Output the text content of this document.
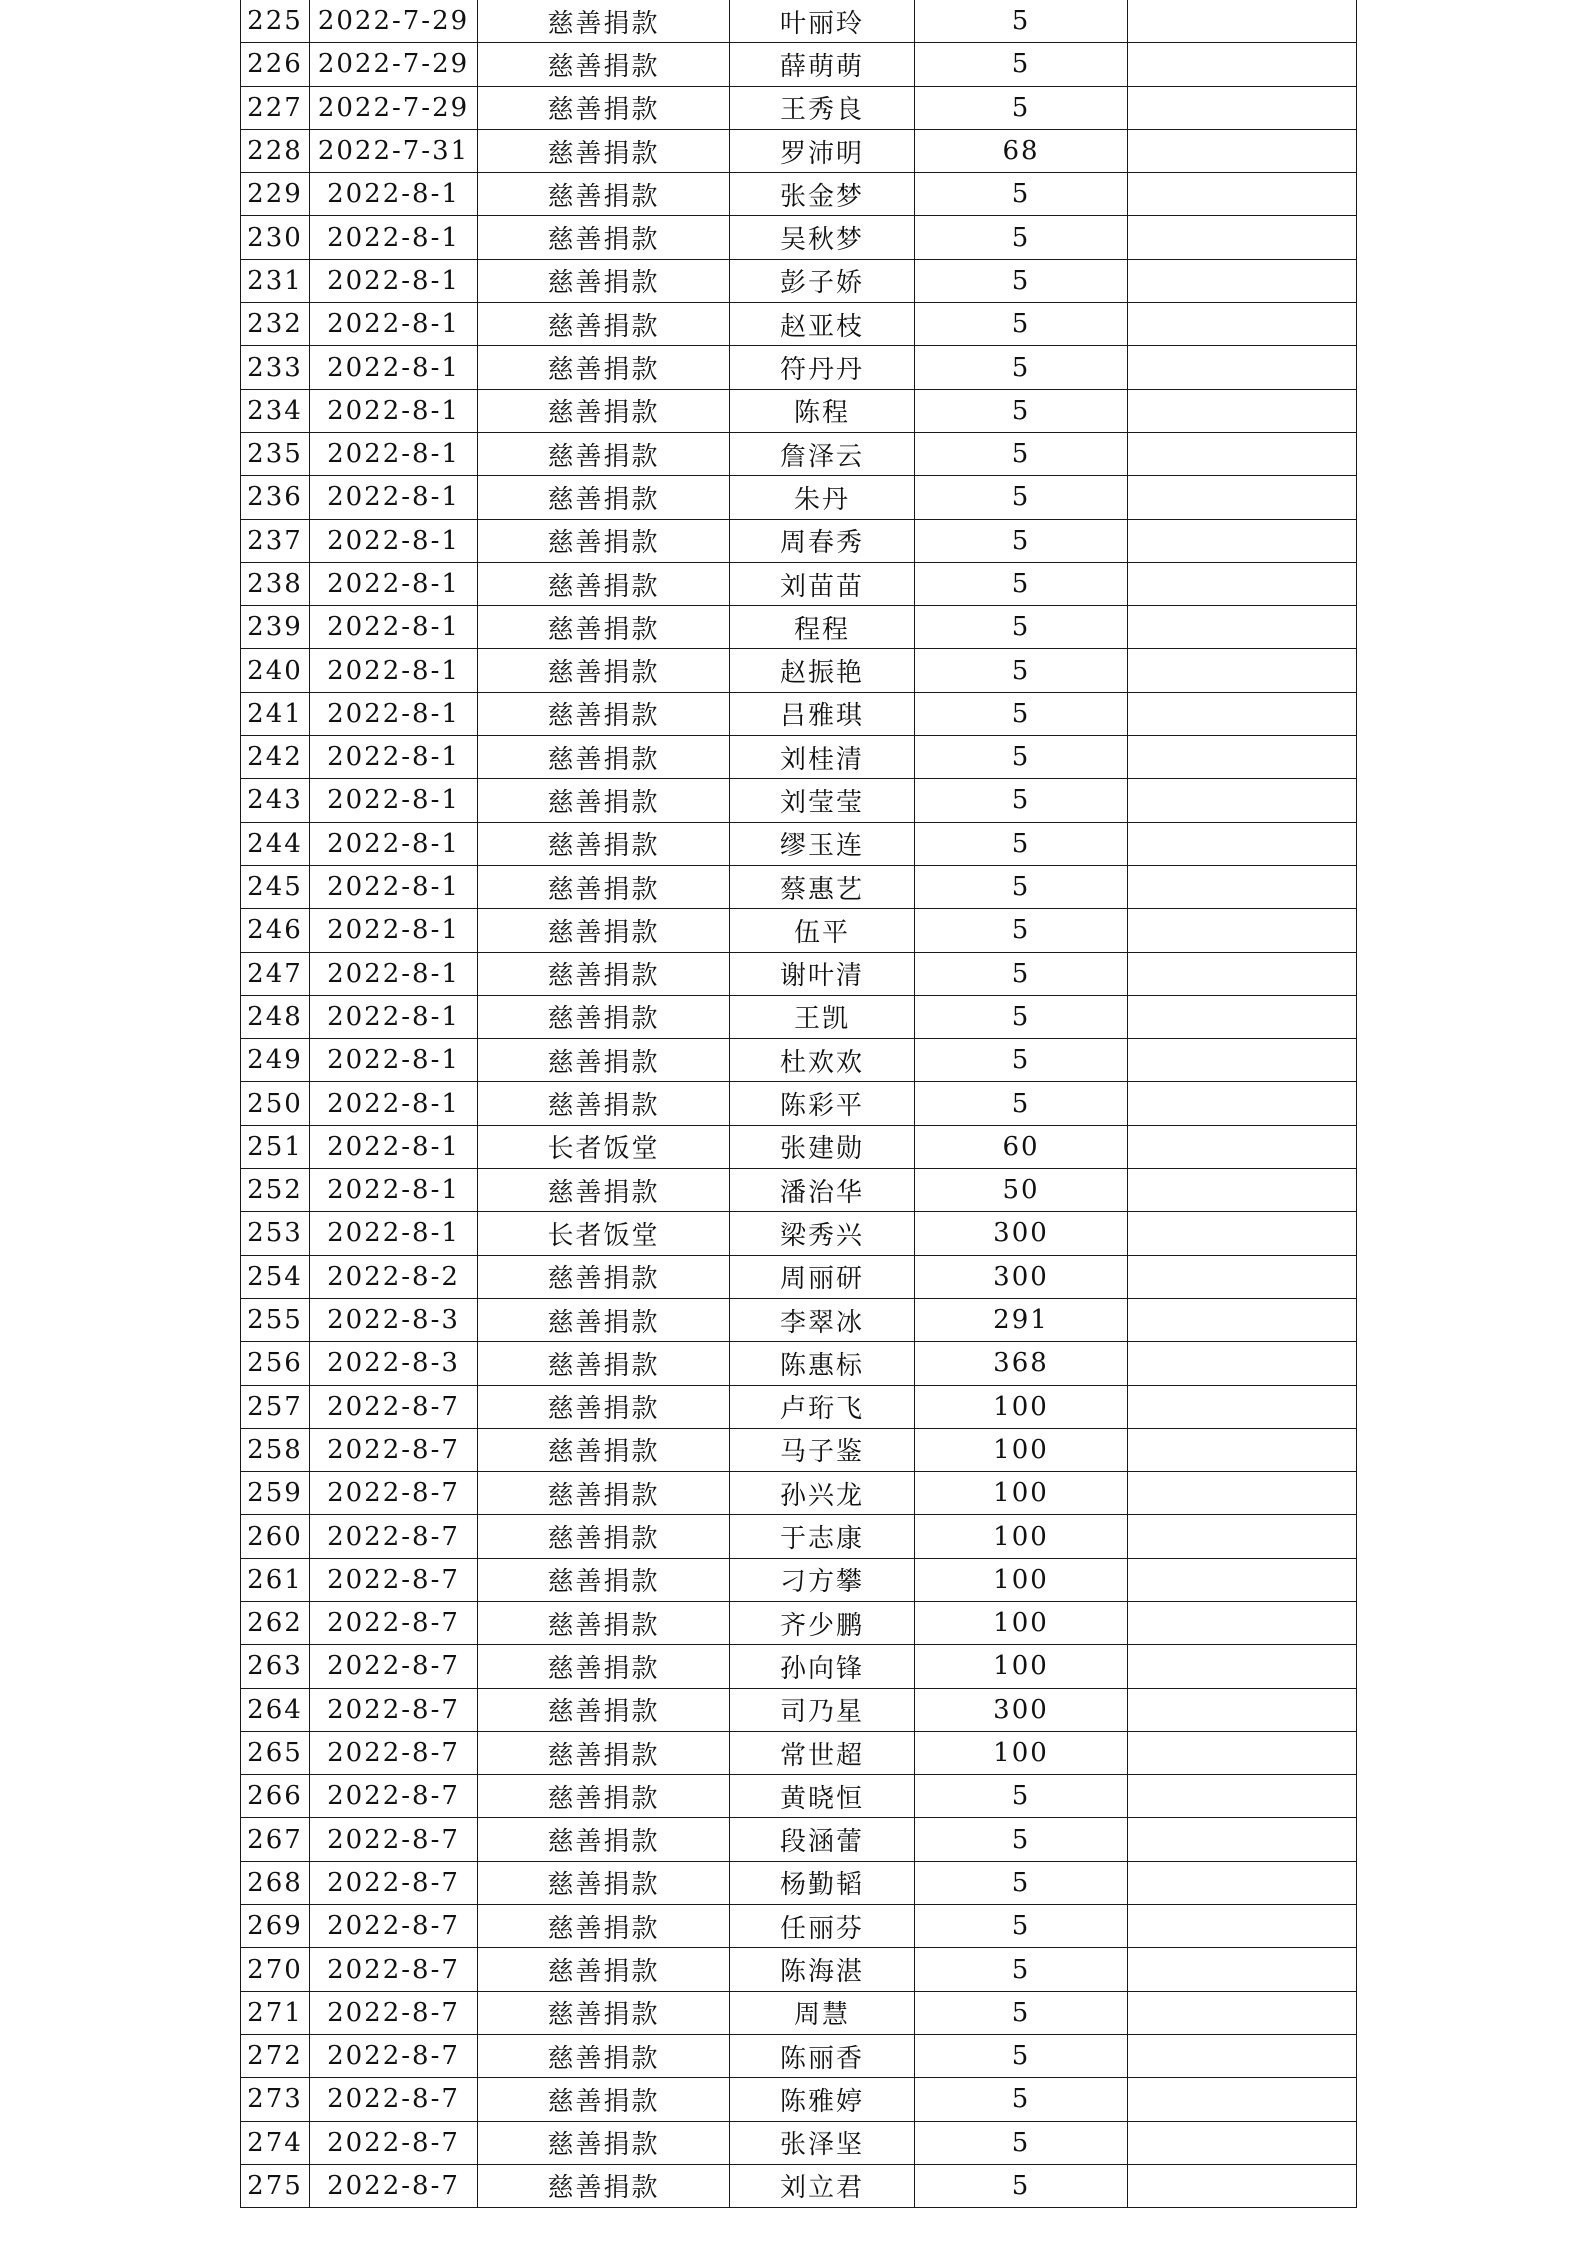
225	2022-7-29	慈善捐款	叶丽玲	5	
226	2022-7-29	慈善捐款	薛萌萌	5	
227	2022-7-29	慈善捐款	王秀良	5	
228	2022-7-31	慈善捐款	罗沛明	68	
229	2022-8-1	慈善捐款	张金梦	5	
230	2022-8-1	慈善捐款	吴秋梦	5	
231	2022-8-1	慈善捐款	彭子娇	5	
232	2022-8-1	慈善捐款	赵亚枝	5	
233	2022-8-1	慈善捐款	符丹丹	5	
234	2022-8-1	慈善捐款	陈程	5	
235	2022-8-1	慈善捐款	詹泽云	5	
236	2022-8-1	慈善捐款	朱丹	5	
237	2022-8-1	慈善捐款	周春秀	5	
238	2022-8-1	慈善捐款	刘苗苗	5	
239	2022-8-1	慈善捐款	程程	5	
240	2022-8-1	慈善捐款	赵振艳	5	
241	2022-8-1	慈善捐款	吕雅琪	5	
242	2022-8-1	慈善捐款	刘桂清	5	
243	2022-8-1	慈善捐款	刘莹莹	5	
244	2022-8-1	慈善捐款	缪玉连	5	
245	2022-8-1	慈善捐款	蔡惠艺	5	
246	2022-8-1	慈善捐款	伍平	5	
247	2022-8-1	慈善捐款	谢叶清	5	
248	2022-8-1	慈善捐款	王凯	5	
249	2022-8-1	慈善捐款	杜欢欢	5	
250	2022-8-1	慈善捐款	陈彩平	5	
251	2022-8-1	长者饭堂	张建勋	60	
252	2022-8-1	慈善捐款	潘治华	50	
253	2022-8-1	长者饭堂	梁秀兴	300	
254	2022-8-2	慈善捐款	周丽研	300	
255	2022-8-3	慈善捐款	李翠冰	291	
256	2022-8-3	慈善捐款	陈惠标	368	
257	2022-8-7	慈善捐款	卢珩飞	100	
258	2022-8-7	慈善捐款	马子鉴	100	
259	2022-8-7	慈善捐款	孙兴龙	100	
260	2022-8-7	慈善捐款	于志康	100	
261	2022-8-7	慈善捐款	刁方攀	100	
262	2022-8-7	慈善捐款	齐少鹏	100	
263	2022-8-7	慈善捐款	孙向锋	100	
264	2022-8-7	慈善捐款	司乃星	300	
265	2022-8-7	慈善捐款	常世超	100	
266	2022-8-7	慈善捐款	黄晓恒	5	
267	2022-8-7	慈善捐款	段涵蕾	5	
268	2022-8-7	慈善捐款	杨勤韬	5	
269	2022-8-7	慈善捐款	任丽芬	5	
270	2022-8-7	慈善捐款	陈海湛	5	
271	2022-8-7	慈善捐款	周慧	5	
272	2022-8-7	慈善捐款	陈丽香	5	
273	2022-8-7	慈善捐款	陈雅婷	5	
274	2022-8-7	慈善捐款	张泽坚	5	
275	2022-8-7	慈善捐款	刘立君	5	
